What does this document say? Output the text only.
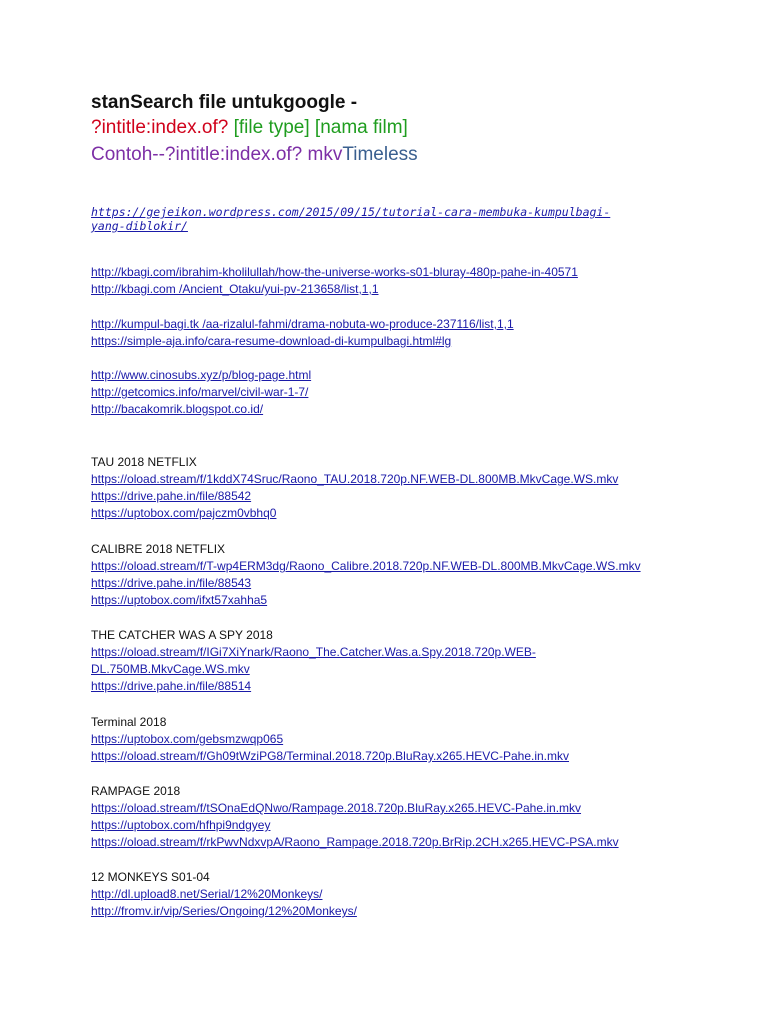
stanSearch file untukgoogle -
?intitle:index.of? [file type] [nama film]
Contoh--?intitle:index.of? mkvTimeless
https://gejeikon.wordpress.com/2015/09/15/tutorial-cara-membuka-kumpulbagi-
yang-diblokir/
http://kbagi.com/ibrahim-kholilullah/how-the-universe-works-s01-bluray-480p-pahe-in-40571
http://kbagi.com /Ancient_Otaku/yui-pv-213658/list,1,1
http://kumpul-bagi.tk /aa-rizalul-fahmi/drama-nobuta-wo-produce-237116/list,1,1
https://simple-aja.info/cara-resume-download-di-kumpulbagi.html#lg
http://www.cinosubs.xyz/p/blog-page.html
http://getcomics.info/marvel/civil-war-1-7/
http://bacakomrik.blogspot.co.id/
TAU 2018 NETFLIX
https://oload.stream/f/1kddX74Sruc/Raono_TAU.2018.720p.NF.WEB-DL.800MB.MkvCage.WS.mkv
https://drive.pahe.in/file/88542
https://uptobox.com/pajczm0vbhq0
CALIBRE 2018 NETFLIX
https://oload.stream/f/T-wp4ERM3dg/Raono_Calibre.2018.720p.NF.WEB-DL.800MB.MkvCage.WS.mkv
https://drive.pahe.in/file/88543
https://uptobox.com/ifxt57xahha5
THE CATCHER WAS A SPY 2018
https://oload.stream/f/IGi7XiYnark/Raono_The.Catcher.Was.a.Spy.2018.720p.WEB-
DL.750MB.MkvCage.WS.mkv
https://drive.pahe.in/file/88514
Terminal 2018
https://uptobox.com/gebsmzwqp065
https://oload.stream/f/Gh09tWziPG8/Terminal.2018.720p.BluRay.x265.HEVC-Pahe.in.mkv
RAMPAGE 2018
https://oload.stream/f/tSOnaEdQNwo/Rampage.2018.720p.BluRay.x265.HEVC-Pahe.in.mkv
https://uptobox.com/hfhpi9ndgyey
https://oload.stream/f/rkPwvNdxvpA/Raono_Rampage.2018.720p.BrRip.2CH.x265.HEVC-PSA.mkv
12 MONKEYS S01-04
http://dl.upload8.net/Serial/12%20Monkeys/
http://fromv.ir/vip/Series/Ongoing/12%20Monkeys/
